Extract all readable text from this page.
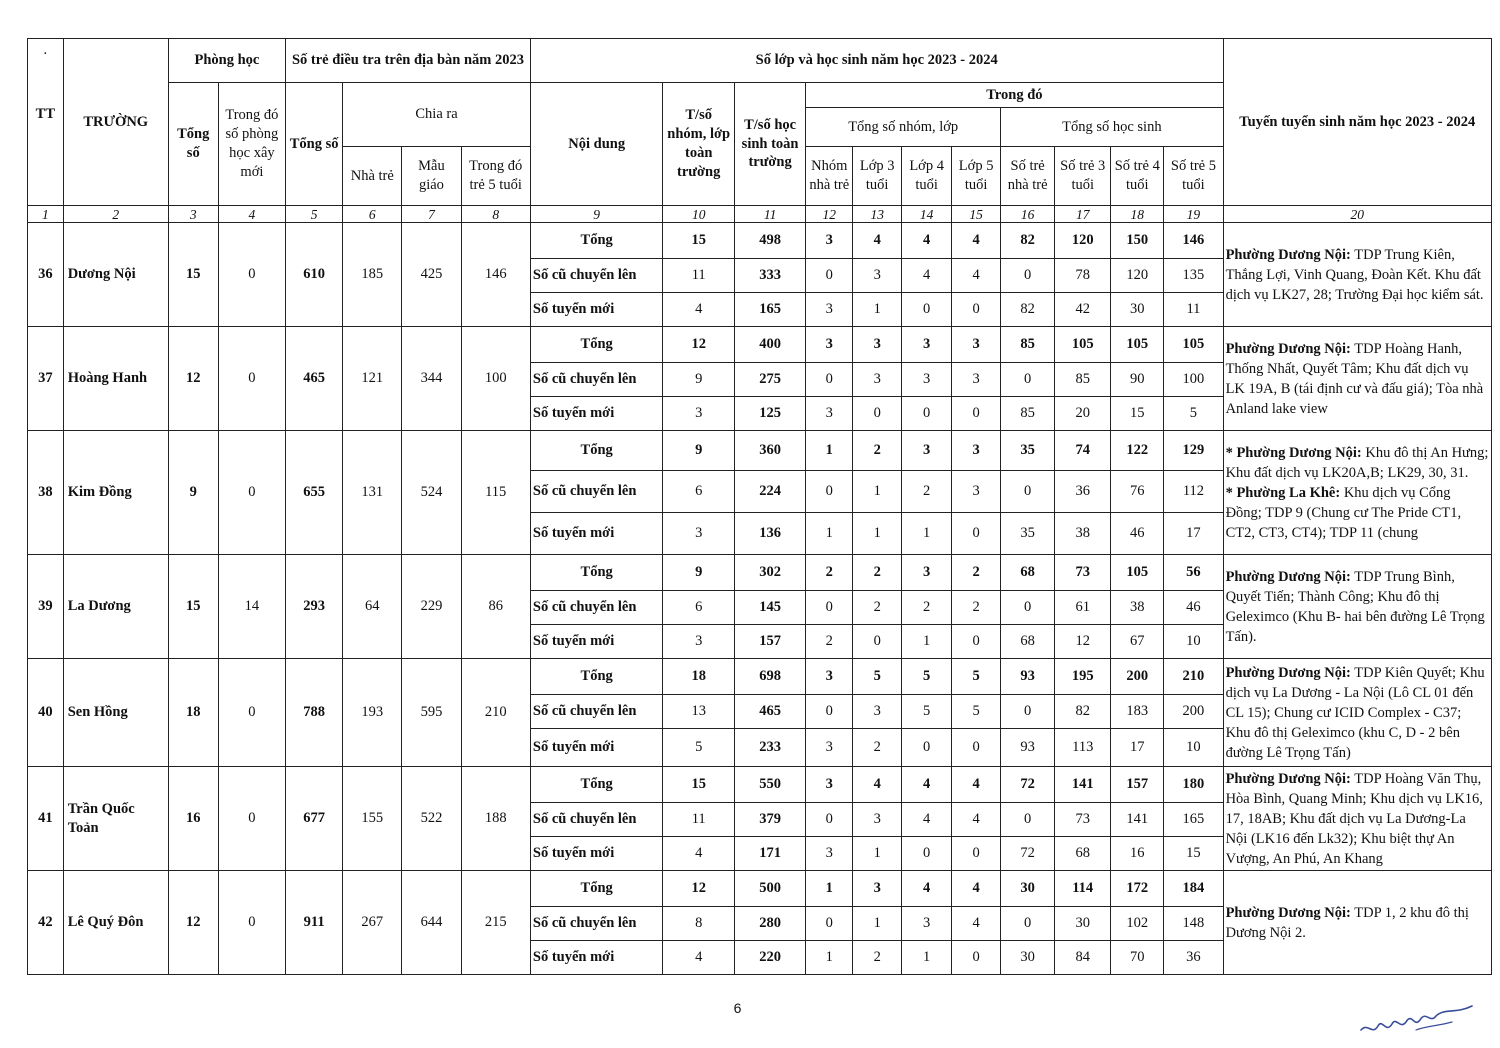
·
TT	TRƯỜNG	Phòng học		Số trẻ điều tra trên địa bàn năm 2023				Số lớp và học sinh năm học 2023 - 2024											Tuyến tuyển sinh năm học 2023 - 2024
		Tổng số	Trong đó số phòng học xây mới	Tổng số	Chia ra			Nội dung	T/số nhóm, lớp toàn trường	T/số học sinh toàn trường	Trong đó								
											Tổng số nhóm, lớp				Tổng số học sinh				
					Nhà trẻ	Mẫu giáo	Trong đó trẻ 5 tuổi				Nhóm nhà trẻ	Lớp 3 tuổi	Lớp 4 tuổi	Lớp 5 tuổi	Số trẻ nhà trẻ	Số trẻ 3 tuổi	Số trẻ 4 tuổi	Số trẻ 5 tuổi	

1	2	3	4	5	6	7	8	9	10	11	12	13	14	15	16	17	18	19	20
36	Dương Nội	15	0	610	185	425	146	Tổng	15	498	3	4	4	4	82	120	150	146	Phường Dương Nội: TDP Trung Kiên, Thắng Lợi, Vinh Quang, Đoàn Kết. Khu đất dịch vụ LK27, 28; Trường Đại học kiểm sát.
								Số cũ chuyển lên	11	333	0	3	4	4	0	78	120	135	
								Số tuyển mới	4	165	3	1	0	0	82	42	30	11	
37	Hoàng Hanh	12	0	465	121	344	100	Tổng	12	400	3	3	3	3	85	105	105	105	Phường Dương Nội: TDP Hoàng Hanh, Thống Nhất, Quyết Tâm; Khu đất dịch vụ LK 19A, B (tái định cư và đấu giá); Tòa nhà Anland lake view
								Số cũ chuyển lên	9	275	0	3	3	3	0	85	90	100	
								Số tuyển mới	3	125	3	0	0	0	85	20	15	5	
38	Kim Đồng	9	0	655	131	524	115	Tổng	9	360	1	2	3	3	35	74	122	129	* Phường Dương Nội: Khu đô thị An Hưng; Khu đất dịch vụ LK20A,B; LK29, 30, 31.
* Phường La Khê: Khu dịch vụ Cổng Đồng; TDP 9 (Chung cư The Pride CT1, CT2, CT3, CT4); TDP 11 (chung
								Số cũ chuyển lên	6	224	0	1	2	3	0	36	76	112	
								Số tuyển mới	3	136	1	1	1	0	35	38	46	17	
39	La Dương	15	14	293	64	229	86	Tổng	9	302	2	2	3	2	68	73	105	56	Phường Dương Nội: TDP Trung Bình, Quyết Tiến; Thành Công; Khu đô thị Geleximco (Khu B- hai bên đường Lê Trọng Tấn).
								Số cũ chuyển lên	6	145	0	2	2	2	0	61	38	46	
								Số tuyển mới	3	157	2	0	1	0	68	12	67	10	
40	Sen Hồng	18	0	788	193	595	210	Tổng	18	698	3	5	5	5	93	195	200	210	Phường Dương Nội: TDP Kiên Quyết; Khu dịch vụ La Dương - La Nội (Lô CL 01 đến CL 15); Chung cư ICID Complex - C37; Khu đô thị Geleximco (khu C, D - 2 bên đường Lê Trọng Tấn)
								Số cũ chuyển lên	13	465	0	3	5	5	0	82	183	200	
								Số tuyển mới	5	233	3	2	0	0	93	113	17	10	
41	Trần Quốc Toản	16	0	677	155	522	188	Tổng	15	550	3	4	4	4	72	141	157	180	Phường Dương Nội: TDP Hoàng Văn Thụ, Hòa Bình, Quang Minh; Khu dịch vụ LK16, 17, 18AB; Khu đất dịch vụ La Dương-La Nội (LK16 đến Lk32); Khu biệt thự An Vượng, An Phú, An Khang
								Số cũ chuyển lên	11	379	0	3	4	4	0	73	141	165	
								Số tuyển mới	4	171	3	1	0	0	72	68	16	15	
42	Lê Quý Đôn	12	0	911	267	644	215	Tổng	12	500	1	3	4	4	30	114	172	184	Phường Dương Nội: TDP 1, 2 khu đô thị Dương Nội 2.
								Số cũ chuyển lên	8	280	0	1	3	4	0	30	102	148	
								Số tuyển mới	4	220	1	2	1	0	30	84	70	36	
6
